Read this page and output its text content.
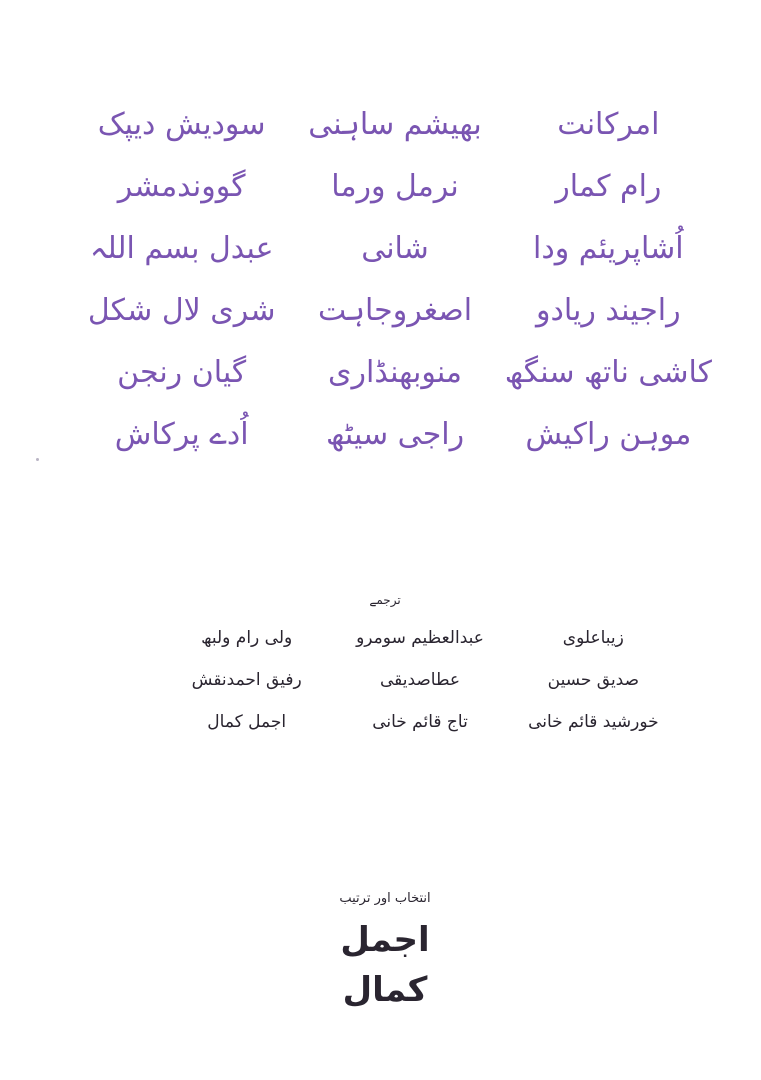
امرکانت
بھیشم ساہنی
سودیش دیپک
رام کمار
نرمل ورما
گووندمشر
اُشاپریئم ودا
شانی
عبدل بسم اللہ
راجیند ریادو
اصغروجاہت
شری لال شکل
کاشی ناتھ سنگھ
منوبھنڈاری
گیان رنجن
موہن راکیش
راجی سیٹھ
اُدے پرکاش
ترجمے
زیباعلوی
عبدالعظیم سومرو
ولی رام ولبھ
صدیق حسین
عطاصدیقی
رفیق احمدنقش
خورشید قائم خانی
تاج قائم خانی
اجمل کمال
انتخاب اور ترتیب
اجمل کمال
